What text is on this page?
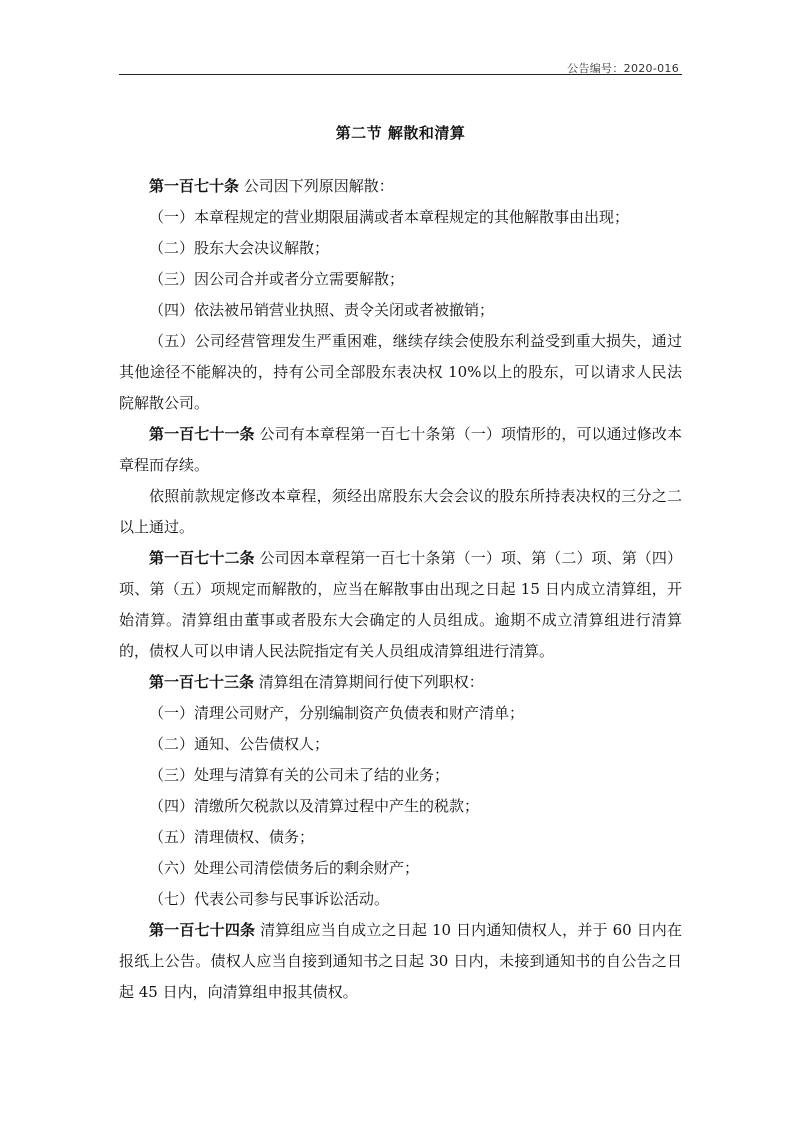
公告编号：2020-016
第二节 解散和清算

第一百七十条 公司因下列原因解散：

（一）本章程规定的营业期限届满或者本章程规定的其他解散事由出现；

（二）股东大会决议解散；

（三）因公司合并或者分立需要解散；

（四）依法被吊销营业执照、责令关闭或者被撤销；

（五）公司经营管理发生严重困难，继续存续会使股东利益受到重大损失，通过其他途径不能解决的，持有公司全部股东表决权 10%以上的股东，可以请求人民法院解散公司。

第一百七十一条 公司有本章程第一百七十条第（一）项情形的，可以通过修改本章程而存续。

依照前款规定修改本章程，须经出席股东大会会议的股东所持表决权的三分之二以上通过。

第一百七十二条 公司因本章程第一百七十条第（一）项、第（二）项、第（四）项、第（五）项规定而解散的，应当在解散事由出现之日起 15 日内成立清算组，开始清算。清算组由董事或者股东大会确定的人员组成。逾期不成立清算组进行清算的，债权人可以申请人民法院指定有关人员组成清算组进行清算。

第一百七十三条 清算组在清算期间行使下列职权：

（一）清理公司财产，分别编制资产负债表和财产清单；

（二）通知、公告债权人；

（三）处理与清算有关的公司未了结的业务；

（四）清缴所欠税款以及清算过程中产生的税款；

（五）清理债权、债务；

（六）处理公司清偿债务后的剩余财产；

（七）代表公司参与民事诉讼活动。

第一百七十四条 清算组应当自成立之日起 10 日内通知债权人，并于 60 日内在报纸上公告。债权人应当自接到通知书之日起 30 日内，未接到通知书的自公告之日起 45 日内，向清算组申报其债权。
